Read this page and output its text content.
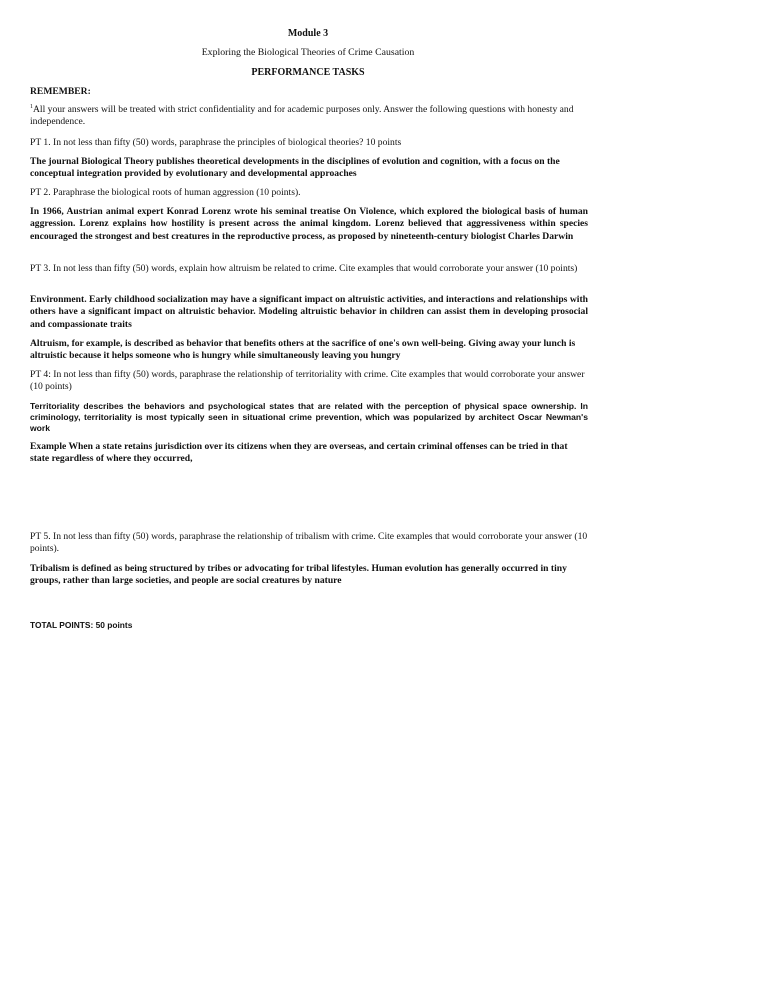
Module 3
Exploring the Biological Theories of Crime Causation
PERFORMANCE TASKS

REMEMBER:

$^1$All your answers will be treated with strict confidentiality and for academic purposes only. Answer the following questions with honesty and independence.

PT 1. In not less than fifty (50) words, paraphrase the principles of biological theories? 10 points

The journal Biological Theory publishes theoretical developments in the disciplines of evolution and cognition, with a focus on the conceptual integration provided by evolutionary and developmental approaches

PT 2. Paraphrase the biological roots of human aggression (10 points).

In 1966, Austrian animal expert Konrad Lorenz wrote his seminal treatise On Violence, which explored the biological basis of human aggression. Lorenz explains how hostility is present across the animal kingdom. Lorenz believed that aggressiveness within species encouraged the strongest and best creatures in the reproductive process, as proposed by nineteenth-century biologist Charles Darwin

PT 3. In not less than fifty (50) words, explain how altruism be related to crime. Cite examples that would corroborate your answer (10 points)

Environment. Early childhood socialization may have a significant impact on altruistic activities, and interactions and relationships with others have a significant impact on altruistic behavior. Modeling altruistic behavior in children can assist them in developing prosocial and compassionate traits

Altruism, for example, is described as behavior that benefits others at the sacrifice of one's own well-being. Giving away your lunch is altruistic because it helps someone who is hungry while simultaneously leaving you hungry

PT 4: In not less than fifty (50) words, paraphrase the relationship of territoriality with crime. Cite examples that would corroborate your answer (10 points)

Territoriality describes the behaviors and psychological states that are related with the perception of physical space ownership. In criminology, territoriality is most typically seen in situational crime prevention, which was popularized by architect Oscar Newman's work

Example When a state retains jurisdiction over its citizens when they are overseas, and certain criminal offenses can be tried in that state regardless of where they occurred,

PT 5. In not less than fifty (50) words, paraphrase the relationship of tribalism with crime. Cite examples that would corroborate your answer (10 points).

Tribalism is defined as being structured by tribes or advocating for tribal lifestyles. Human evolution has generally occurred in tiny groups, rather than large societies, and people are social creatures by nature

TOTAL POINTS: 50 points
